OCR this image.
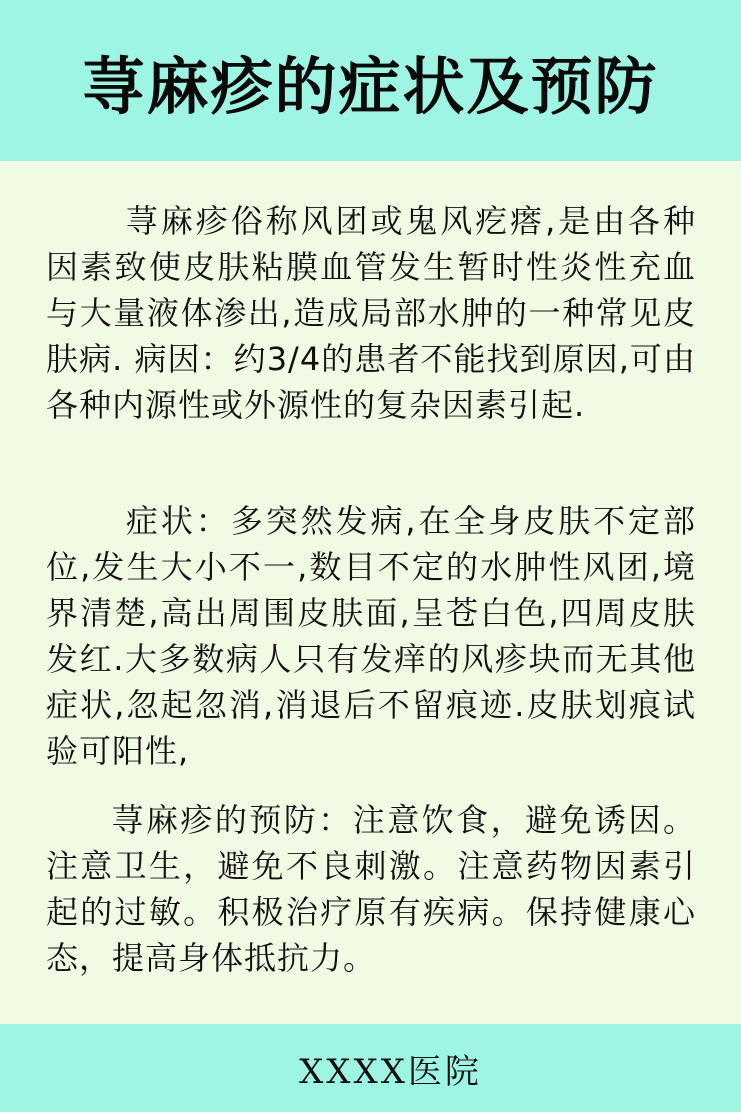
荨麻疹的症状及预防

荨麻疹俗称风团或鬼风疙瘩,是由各种因素致使皮肤粘膜血管发生暂时性炎性充血与大量液体渗出,造成局部水肿的一种常见皮肤病. 病因：约3/4的患者不能找到原因,可由各种内源性或外源性的复杂因素引起.

症状：多突然发病,在全身皮肤不定部位,发生大小不一,数目不定的水肿性风团,境界清楚,高出周围皮肤面,呈苍白色,四周皮肤发红.大多数病人只有发痒的风疹块而无其他症状,忽起忽消,消退后不留痕迹.皮肤划痕试验可阳性,

荨麻疹的预防：注意饮食，避免诱因。注意卫生，避免不良刺激。注意药物因素引起的过敏。积极治疗原有疾病。保持健康心态，提高身体抵抗力。

XXXX医院
